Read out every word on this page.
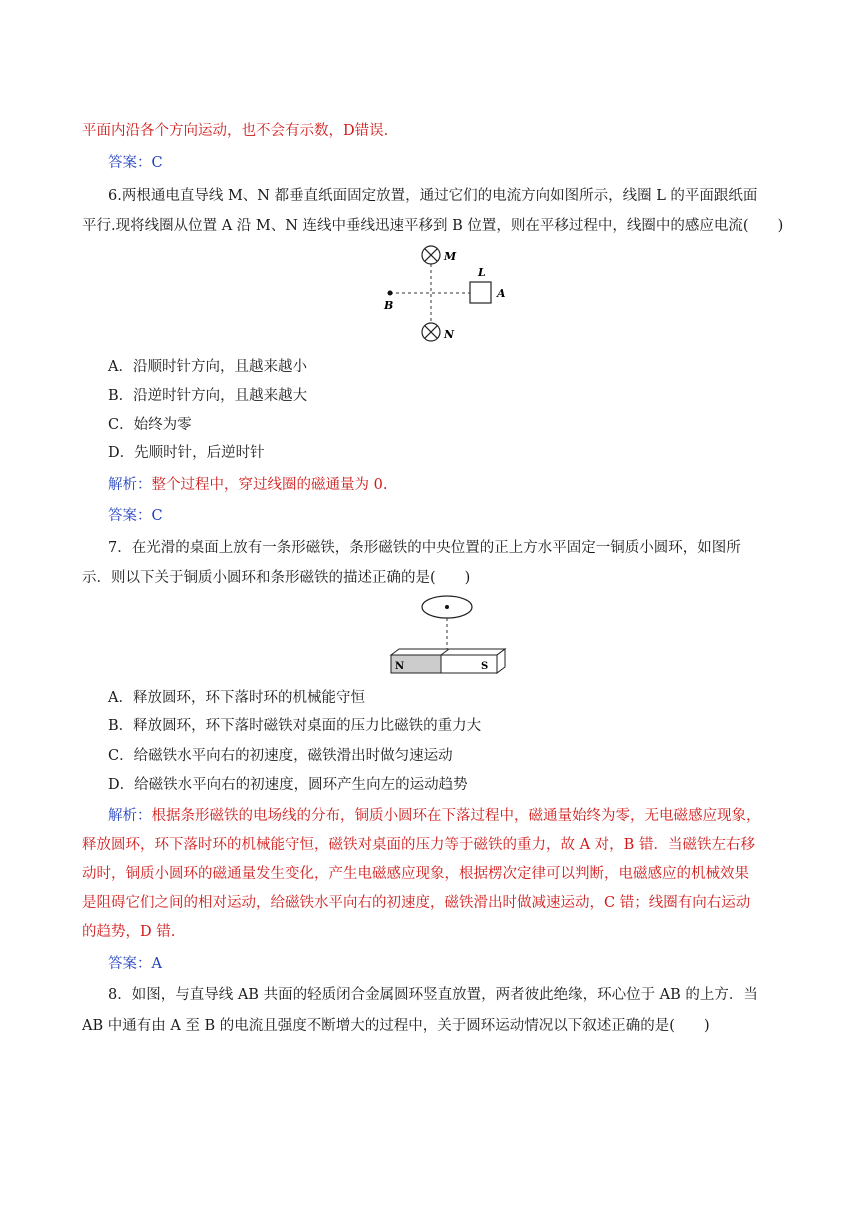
平面内沿各个方向运动，也不会有示数，D错误.
答案：C
6.两根通电直导线 M、N 都垂直纸面固定放置，通过它们的电流方向如图所示，线圈 L 的平面跟纸面
平行.现将线圈从位置 A 沿 M、N 连线中垂线迅速平移到 B 位置，则在平移过程中，线圈中的感应电流(　　)
M
N
B
L
A
A．沿顺时针方向，且越来越小
B．沿逆时针方向，且越来越大
C．始终为零
D．先顺时针，后逆时针
解析：整个过程中，穿过线圈的磁通量为 0.
答案：C
7．在光滑的桌面上放有一条形磁铁，条形磁铁的中央位置的正上方水平固定一铜质小圆环，如图所
示．则以下关于铜质小圆环和条形磁铁的描述正确的是(　　)
N	S
A．释放圆环，环下落时环的机械能守恒
B．释放圆环，环下落时磁铁对桌面的压力比磁铁的重力大
C．给磁铁水平向右的初速度，磁铁滑出时做匀速运动
D．给磁铁水平向右的初速度，圆环产生向左的运动趋势
解析：根据条形磁铁的电场线的分布，铜质小圆环在下落过程中，磁通量始终为零，无电磁感应现象，
释放圆环，环下落时环的机械能守恒，磁铁对桌面的压力等于磁铁的重力，故 A 对，B 错．当磁铁左右移
动时，铜质小圆环的磁通量发生变化，产生电磁感应现象，根据楞次定律可以判断，电磁感应的机械效果
是阻碍它们之间的相对运动，给磁铁水平向右的初速度，磁铁滑出时做减速运动，C 错；线圈有向右运动
的趋势，D 错.
答案：A
8．如图，与直导线 AB 共面的轻质闭合金属圆环竖直放置，两者彼此绝缘，环心位于 AB 的上方．当
AB 中通有由 A 至 B 的电流且强度不断增大的过程中，关于圆环运动情况以下叙述正确的是(　　)
